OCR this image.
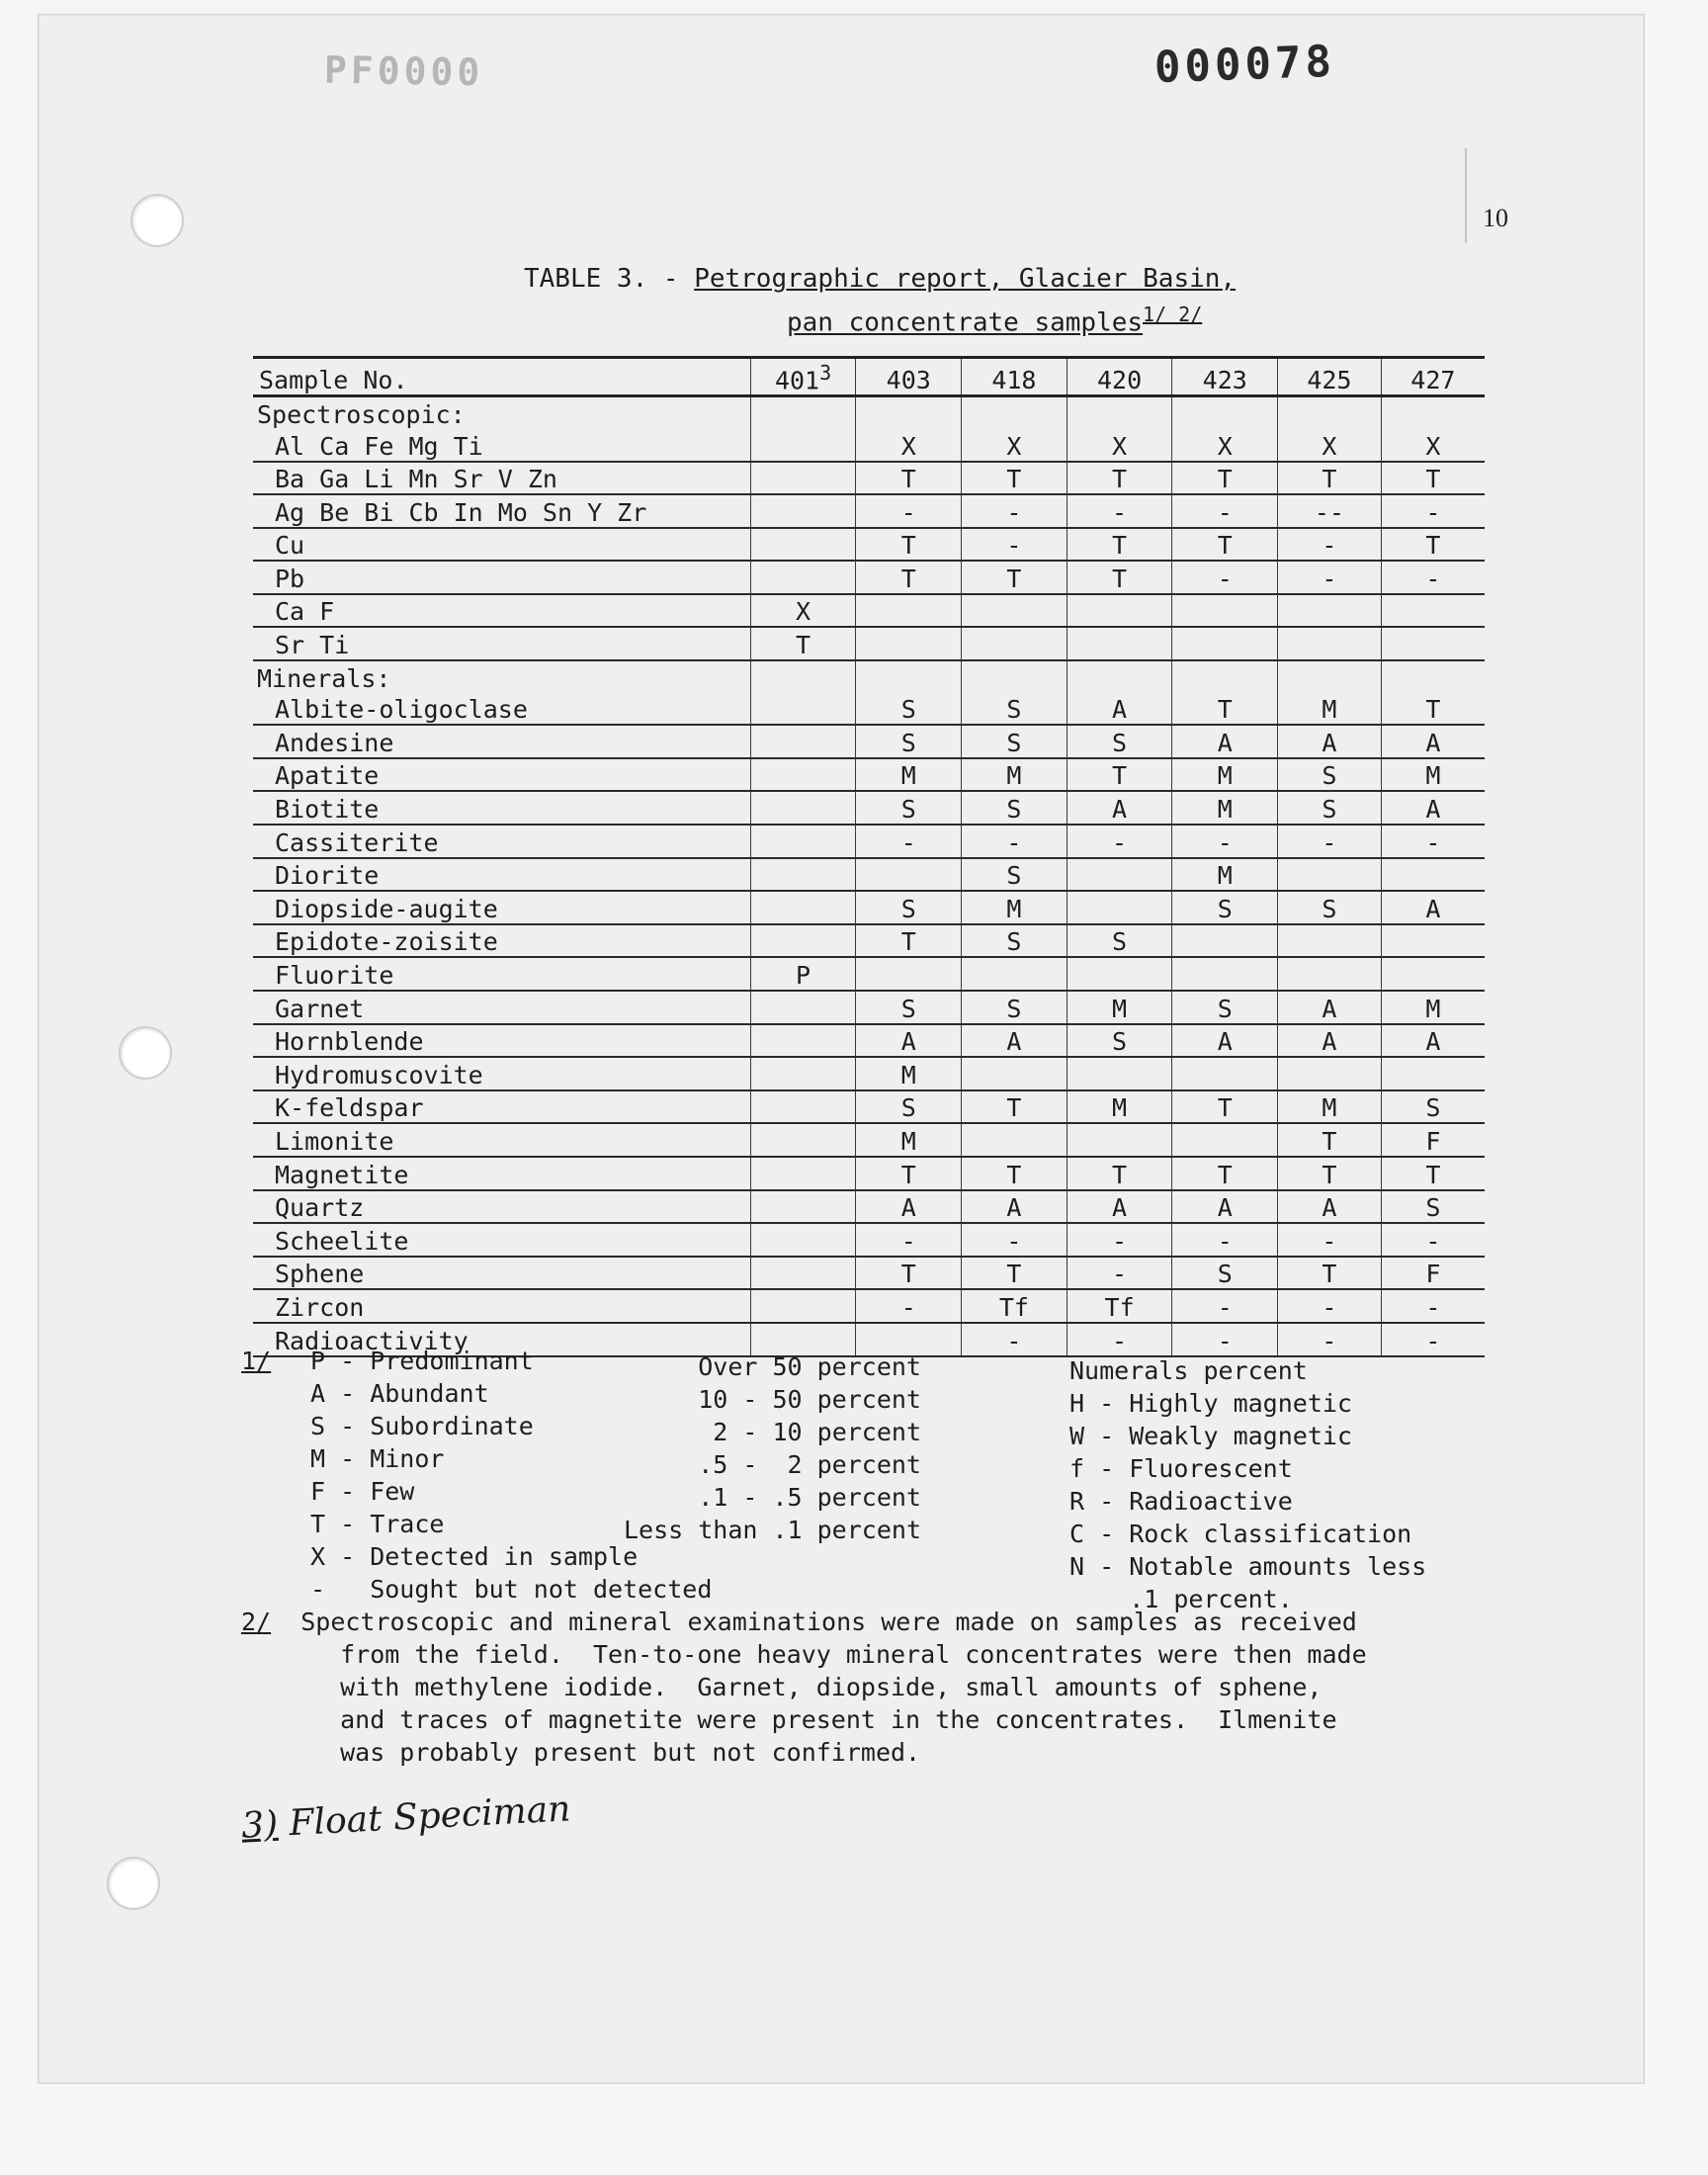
PF0000	000078
10
TABLE 3. - Petrographic report, Glacier Basin,
pan concentrate samples$^{1/ 2/}$
Sample No.	$401^3$	403	418	420	423	425	427
Spectroscopic:							
Al Ca Fe Mg Ti		X	X	X	X	X	X
Ba Ga Li Mn Sr V Zn		T	T	T	T	T	T
Ag Be Bi Cb In Mo Sn Y Zr		-	-	-	-	--	-
Cu		T	-	T	T	-	T
Pb		T	T	T	-	-	-
Ca F	X						
Sr Ti	T						
Minerals:							
Albite-oligoclase		S	S	A	T	M	T
Andesine		S	S	S	A	A	A
Apatite		M	M	T	M	S	M
Biotite		S	S	A	M	S	A
Cassiterite		-	-	-	-	-	-
Diorite			S		M		
Diopside-augite		S	M		S	S	A
Epidote-zoisite		T	S	S			
Fluorite	P						
Garnet		S	S	M	S	A	M
Hornblende		A	A	S	A	A	A
Hydromuscovite		M					
K-feldspar		S	T	M	T	M	S
Limonite		M				T	F
Magnetite		T	T	T	T	T	T
Quartz		A	A	A	A	A	S
Scheelite		-	-	-	-	-	-
Sphene		T	T	-	S	T	F
Zircon		-	Tf	Tf	-	-	-
Radioactivity			-	-	-	-	-
1/ P - Predominant
A - Abundant
S - Subordinate
M - Minor
F - Few
T - Trace
X - Detected in sample
-   Sought but not detected
Over 50 percent
10 - 50 percent
2 - 10 percent
.5 -  2 percent
.1 - .5 percent
Less than .1 percent
Numerals percent
H - Highly magnetic
W - Weakly magnetic
f - Fluorescent
R - Radioactive
C - Rock classification
N - Notable amounts less
.1 percent.
2/ Spectroscopic and mineral examinations were made on samples as received
from the field.  Ten-to-one heavy mineral concentrates were then made
with methylene iodide.  Garnet, diopside, small amounts of sphene,
and traces of magnetite were present in the concentrates.  Ilmenite
was probably present but not confirmed.
3) Float Speciman
